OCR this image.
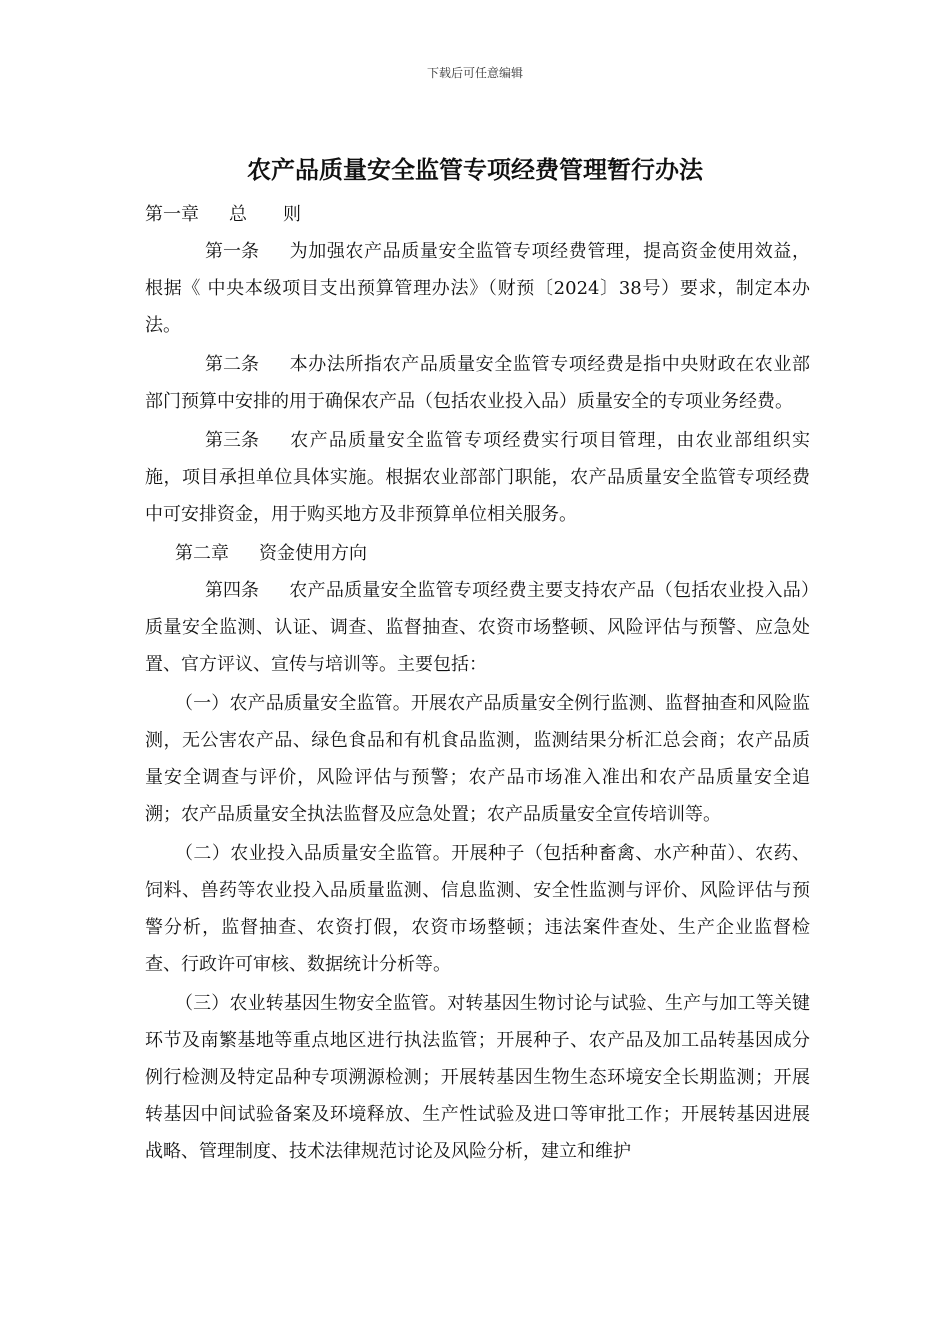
下载后可任意编辑
农产品质量安全监管专项经费管理暂行办法
第一章 总　　则

第一条 为加强农产品质量安全监管专项经费管理，提高资金使用效益，根据《 中央本级项目支出预算管理办法》（财预〔2024〕38号）要求，制定本办法。

第二条 本办法所指农产品质量安全监管专项经费是指中央财政在农业部部门预算中安排的用于确保农产品（包括农业投入品）质量安全的专项业务经费。

第三条 农产品质量安全监管专项经费实行项目管理，由农业部组织实施，项目承担单位具体实施。根据农业部部门职能，农产品质量安全监管专项经费中可安排资金，用于购买地方及非预算单位相关服务。

第二章 资金使用方向

第四条 农产品质量安全监管专项经费主要支持农产品（包括农业投入品）质量安全监测、认证、调查、监督抽查、农资市场整顿、风险评估与预警、应急处置、官方评议、宣传与培训等。主要包括：

（一）农产品质量安全监管。开展农产品质量安全例行监测、监督抽查和风险监测，无公害农产品、绿色食品和有机食品监测，监测结果分析汇总会商；农产品质量安全调查与评价，风险评估与预警；农产品市场准入准出和农产品质量安全追溯；农产品质量安全执法监督及应急处置；农产品质量安全宣传培训等。

（二）农业投入品质量安全监管。开展种子（包括种畜禽、水产种苗）、农药、饲料、兽药等农业投入品质量监测、信息监测、安全性监测与评价、风险评估与预警分析，监督抽查、农资打假，农资市场整顿；违法案件查处、生产企业监督检查、行政许可审核、数据统计分析等。

（三）农业转基因生物安全监管。对转基因生物讨论与试验、生产与加工等关键环节及南繁基地等重点地区进行执法监管；开展种子、农产品及加工品转基因成分例行检测及特定品种专项溯源检测；开展转基因生物生态环境安全长期监测；开展转基因中间试验备案及环境释放、生产性试验及进口等审批工作；开展转基因进展战略、管理制度、技术法律规范讨论及风险分析，建立和维护
